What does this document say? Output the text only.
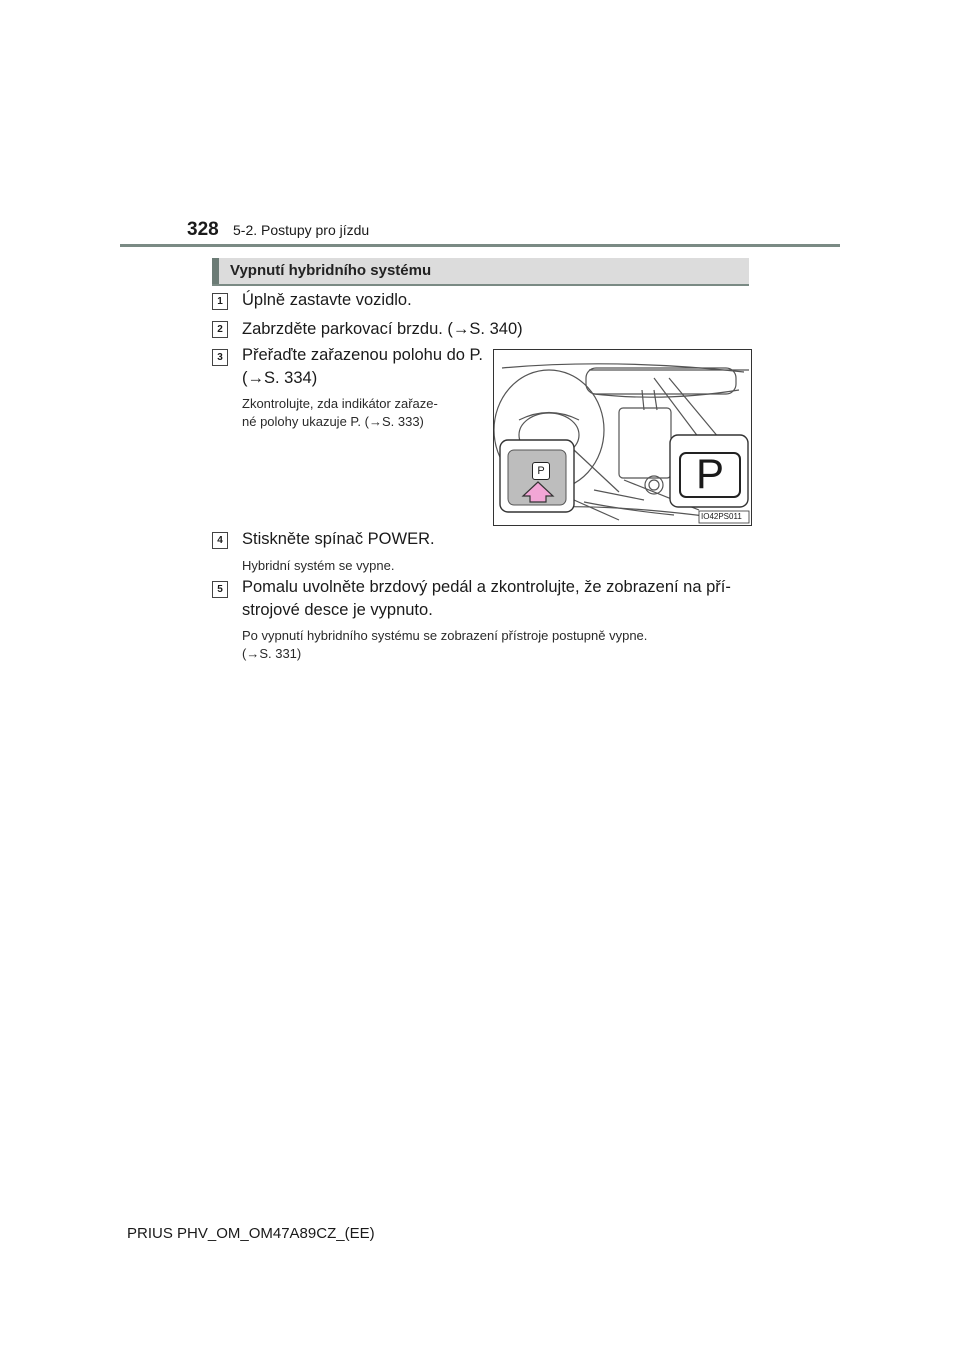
328 5-2. Postupy pro jízdu
Vypnutí hybridního systému
1	Úplně zastavte vozidlo.
2	Zabrzděte parkovací brzdu. (→S. 340)
3	Přeřaďte zařazenou polohu do P.
(→S. 334)
Zkontrolujte, zda indikátor zařaze-
né polohy ukazuje P. (→S. 333)
P	P
IO42PS011
4	Stiskněte spínač POWER.
Hybridní systém se vypne.
5	Pomalu uvolněte brzdový pedál a zkontrolujte, že zobrazení na pří-
strojové desce je vypnuto.
Po vypnutí hybridního systému se zobrazení přístroje postupně vypne.
(→S. 331)
PRIUS PHV_OM_OM47A89CZ_(EE)
